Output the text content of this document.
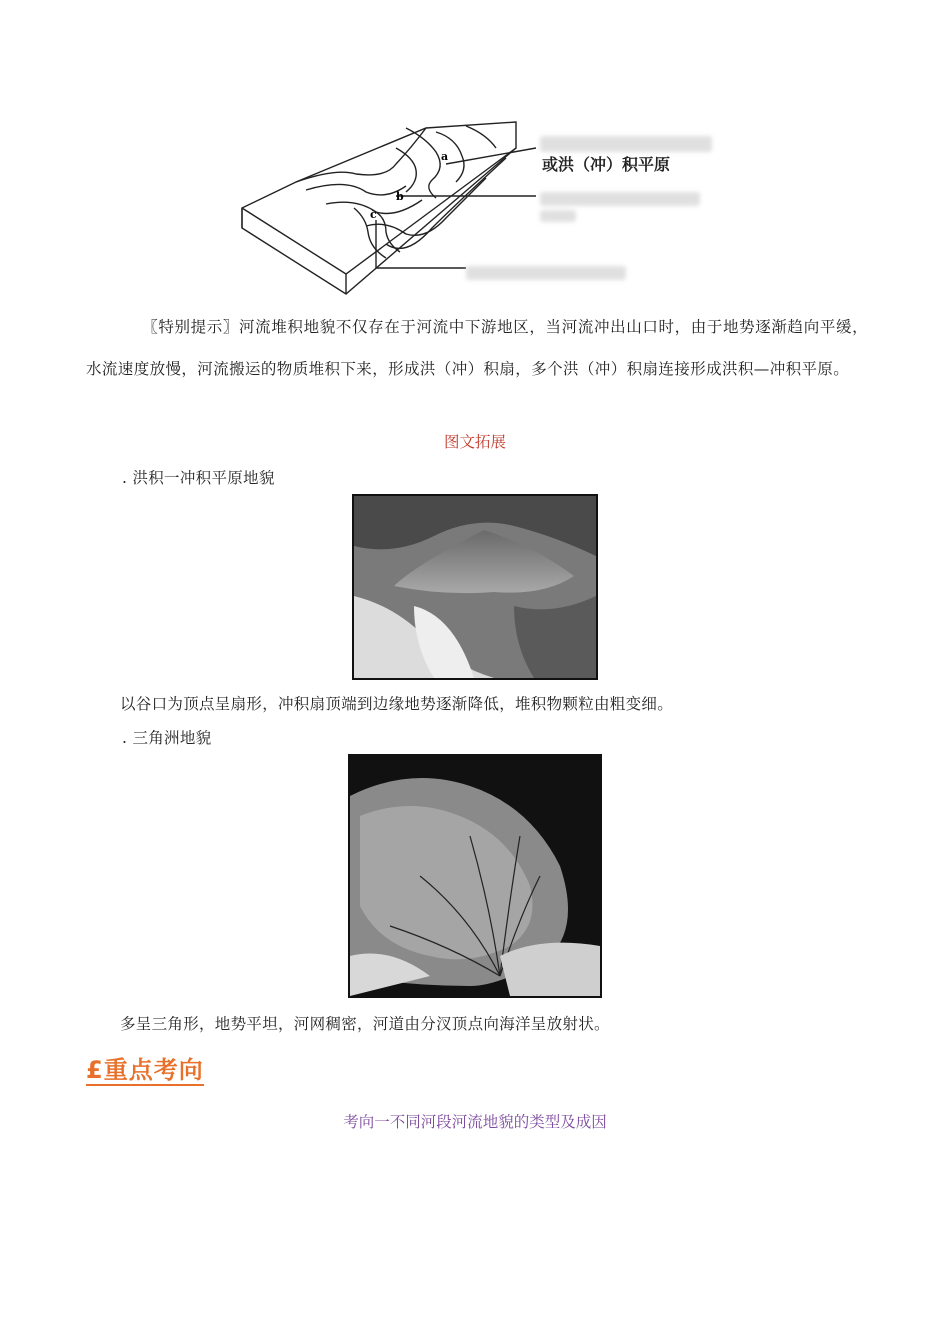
a
b
c
或洪（冲）积平原
〖特别提示〗河流堆积地貌不仅存在于河流中下游地区，当河流冲出山口时，由于地势逐渐趋向平缓，水流速度放慢，河流搬运的物质堆积下来，形成洪（冲）积扇，多个洪（冲）积扇连接形成洪积—冲积平原。
图文拓展
. 洪积一冲积平原地貌
以谷口为顶点呈扇形，冲积扇顶端到边缘地势逐渐降低，堆积物颗粒由粗变细。
. 三角洲地貌
多呈三角形，地势平坦，河网稠密，河道由分汊顶点向海洋呈放射状。
£重点考向
考向一不同河段河流地貌的类型及成因
